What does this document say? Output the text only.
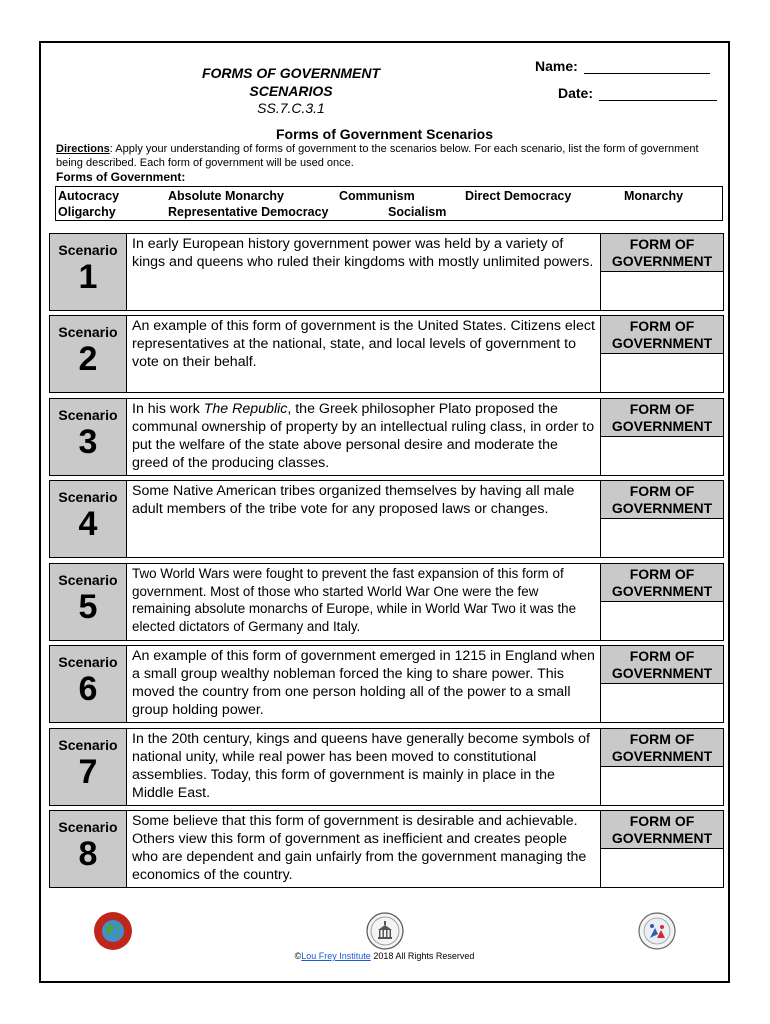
FORMS OF GOVERNMENT
SCENARIOS
SS.7.C.3.1
Name:
Date:
Forms of Government Scenarios
Directions: Apply your understanding of forms of government to the scenarios below. For each scenario, list the form of government being described. Each form of government will be used once.
Forms of Government:
Autocracy	Absolute Monarchy	Communism	Direct Democracy	Monarchy
Oligarchy	Representative Democracy	Socialism
Scenario
1
In early European history government power was held by a variety of kings and queens who ruled their kingdoms with mostly unlimited powers.
FORM OF
GOVERNMENT
Scenario
2
An example of this form of government is the United States. Citizens elect representatives at the national, state, and local levels of government to vote on their behalf.
FORM OF
GOVERNMENT
Scenario
3
In his work The Republic, the Greek philosopher Plato proposed the communal ownership of property by an intellectual ruling class, in order to put the welfare of the state above personal desire and moderate the greed of the producing classes.
FORM OF
GOVERNMENT
Scenario
4
Some Native American tribes organized themselves by having all male adult members of the tribe vote for any proposed laws or changes.
FORM OF
GOVERNMENT
Scenario
5
Two World Wars were fought to prevent the fast expansion of this form of government. Most of those who started World War One were the few remaining absolute monarchs of Europe, while in World War Two it was the elected dictators of Germany and Italy.
FORM OF
GOVERNMENT
Scenario
6
An example of this form of government emerged in 1215 in England when a small group wealthy nobleman forced the king to share power. This moved the country from one person holding all of the power to a small group holding power.
FORM OF
GOVERNMENT
Scenario
7
In the 20th century, kings and queens have generally become symbols of national unity, while real power has been moved to constitutional assemblies. Today, this form of government is mainly in place in the Middle East.
FORM OF
GOVERNMENT
Scenario
8
Some believe that this form of government is desirable and achievable. Others view this form of government as inefficient and creates people who are dependent and gain unfairly from the government managing the economics of the country.
FORM OF
GOVERNMENT
©Lou Frey Institute 2018 All Rights Reserved
